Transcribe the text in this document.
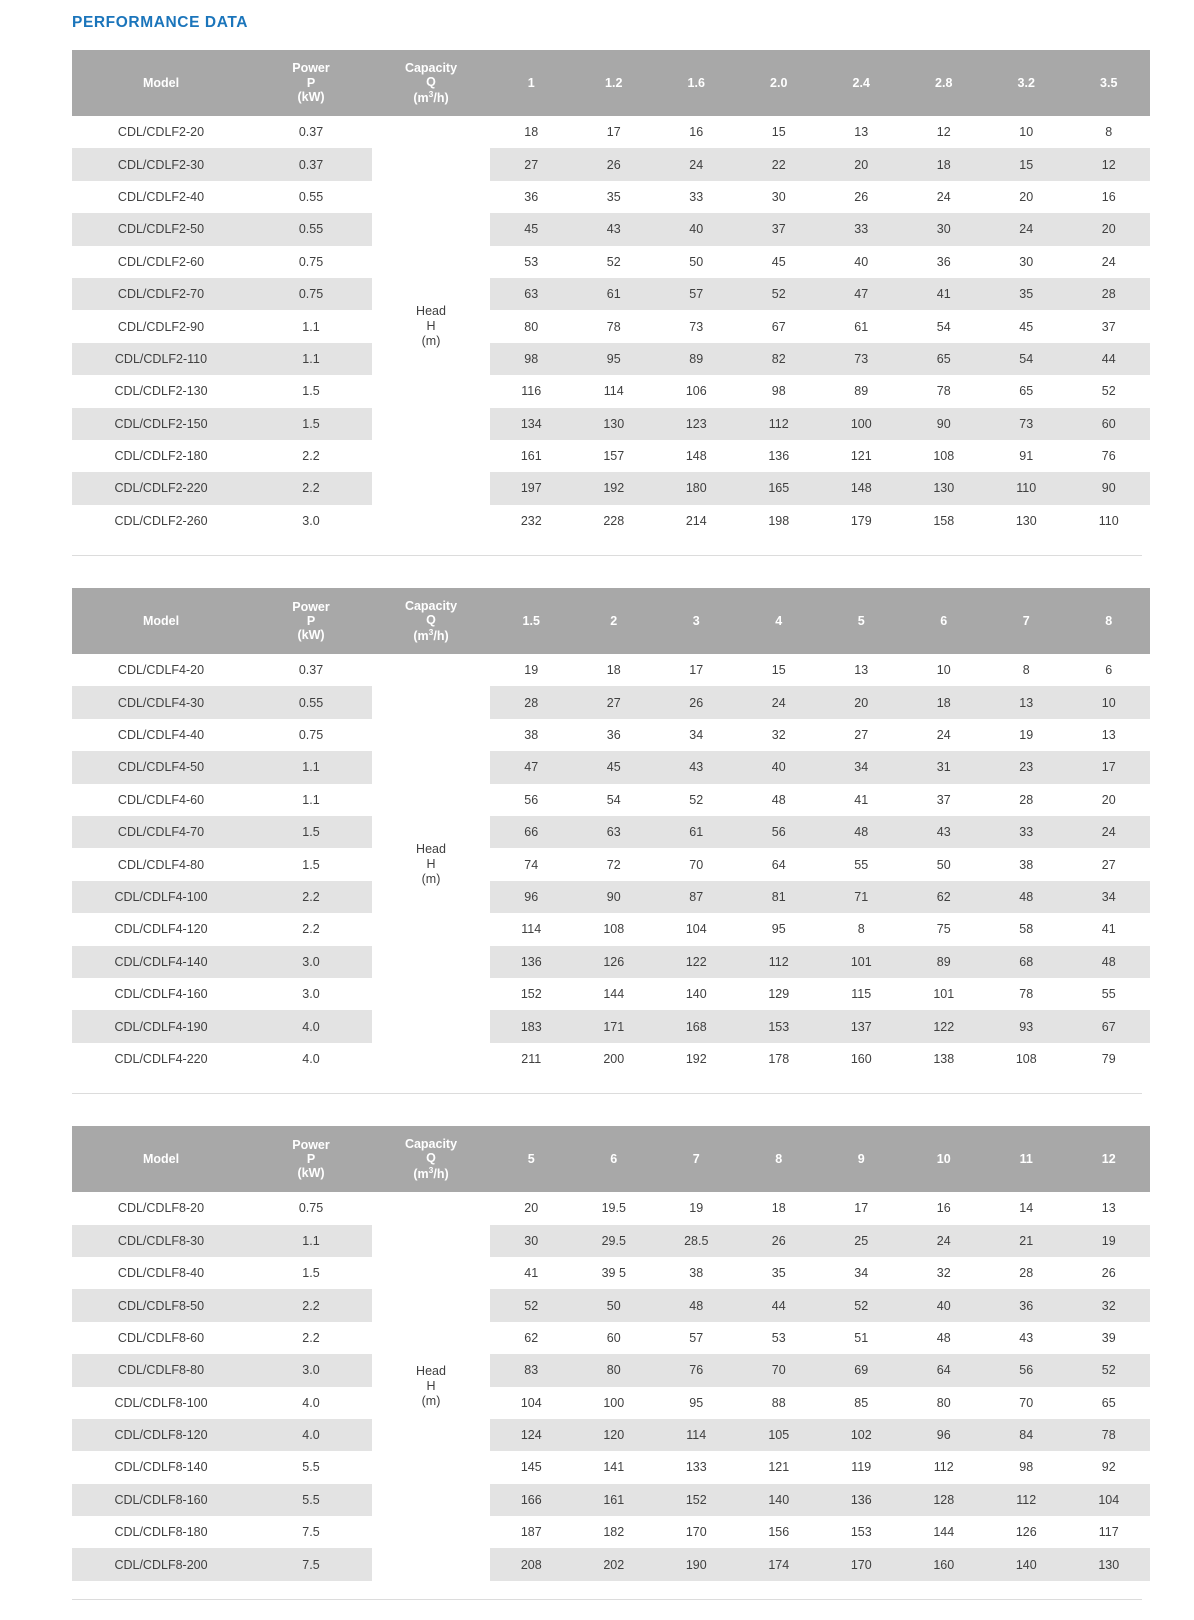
PERFORMANCE DATA
Model	Power
P
(kW)	Capacity
Q
$(m^3/h)$	1	1.2	1.6	2.0	2.4	2.8	3.2	3.5
CDL/CDLF2-20	0.37	Head
H
(m)	18	17	16	15	13	12	10	8
CDL/CDLF2-30	0.37		27	26	24	22	20	18	15	12
CDL/CDLF2-40	0.55		36	35	33	30	26	24	20	16
CDL/CDLF2-50	0.55		45	43	40	37	33	30	24	20
CDL/CDLF2-60	0.75		53	52	50	45	40	36	30	24
CDL/CDLF2-70	0.75		63	61	57	52	47	41	35	28
CDL/CDLF2-90	1.1		80	78	73	67	61	54	45	37
CDL/CDLF2-110	1.1		98	95	89	82	73	65	54	44
CDL/CDLF2-130	1.5		116	114	106	98	89	78	65	52
CDL/CDLF2-150	1.5		134	130	123	112	100	90	73	60
CDL/CDLF2-180	2.2		161	157	148	136	121	108	91	76
CDL/CDLF2-220	2.2		197	192	180	165	148	130	110	90
CDL/CDLF2-260	3.0		232	228	214	198	179	158	130	110
Model	Power
P
(kW)	Capacity
Q
$(m^3/h)$	1.5	2	3	4	5	6	7	8
CDL/CDLF4-20	0.37	Head
H
(m)	19	18	17	15	13	10	8	6
CDL/CDLF4-30	0.55		28	27	26	24	20	18	13	10
CDL/CDLF4-40	0.75		38	36	34	32	27	24	19	13
CDL/CDLF4-50	1.1		47	45	43	40	34	31	23	17
CDL/CDLF4-60	1.1		56	54	52	48	41	37	28	20
CDL/CDLF4-70	1.5		66	63	61	56	48	43	33	24
CDL/CDLF4-80	1.5		74	72	70	64	55	50	38	27
CDL/CDLF4-100	2.2		96	90	87	81	71	62	48	34
CDL/CDLF4-120	2.2		114	108	104	95	8	75	58	41
CDL/CDLF4-140	3.0		136	126	122	112	101	89	68	48
CDL/CDLF4-160	3.0		152	144	140	129	115	101	78	55
CDL/CDLF4-190	4.0		183	171	168	153	137	122	93	67
CDL/CDLF4-220	4.0		211	200	192	178	160	138	108	79
Model	Power
P
(kW)	Capacity
Q
$(m^3/h)$	5	6	7	8	9	10	11	12
CDL/CDLF8-20	0.75	Head
H
(m)	20	19.5	19	18	17	16	14	13
CDL/CDLF8-30	1.1		30	29.5	28.5	26	25	24	21	19
CDL/CDLF8-40	1.5		41	39 5	38	35	34	32	28	26
CDL/CDLF8-50	2.2		52	50	48	44	52	40	36	32
CDL/CDLF8-60	2.2		62	60	57	53	51	48	43	39
CDL/CDLF8-80	3.0		83	80	76	70	69	64	56	52
CDL/CDLF8-100	4.0		104	100	95	88	85	80	70	65
CDL/CDLF8-120	4.0		124	120	114	105	102	96	84	78
CDL/CDLF8-140	5.5		145	141	133	121	119	112	98	92
CDL/CDLF8-160	5.5		166	161	152	140	136	128	112	104
CDL/CDLF8-180	7.5		187	182	170	156	153	144	126	117
CDL/CDLF8-200	7.5		208	202	190	174	170	160	140	130
